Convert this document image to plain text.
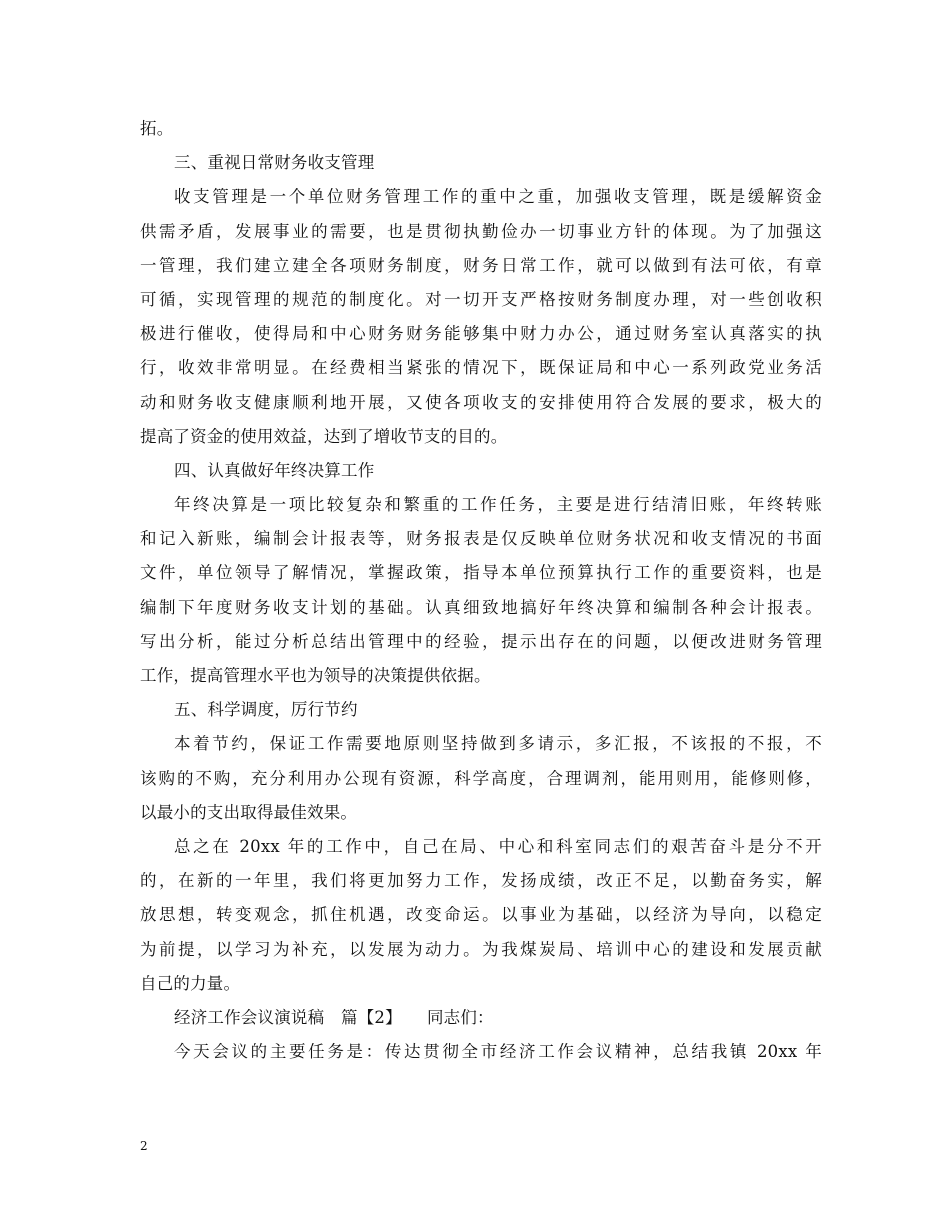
拓。
三、重视日常财务收支管理
收支管理是一个单位财务管理工作的重中之重，加强收支管理，既是缓解资金
供需矛盾，发展事业的需要，也是贯彻执勤俭办一切事业方针的体现。为了加强这
一管理，我们建立建全各项财务制度，财务日常工作，就可以做到有法可依，有章
可循，实现管理的规范的制度化。对一切开支严格按财务制度办理，对一些创收积
极进行催收，使得局和中心财务财务能够集中财力办公，通过财务室认真落实的执
行，收效非常明显。在经费相当紧张的情况下，既保证局和中心一系列政党业务活
动和财务收支健康顺利地开展，又使各项收支的安排使用符合发展的要求，极大的
提高了资金的使用效益，达到了增收节支的目的。
四、认真做好年终决算工作
年终决算是一项比较复杂和繁重的工作任务，主要是进行结清旧账，年终转账
和记入新账，编制会计报表等，财务报表是仅反映单位财务状况和收支情况的书面
文件，单位领导了解情况，掌握政策，指导本单位预算执行工作的重要资料，也是
编制下年度财务收支计划的基础。认真细致地搞好年终决算和编制各种会计报表。
写出分析，能过分析总结出管理中的经验，提示出存在的问题，以便改进财务管理
工作，提高管理水平也为领导的决策提供依据。
五、科学调度，厉行节约
本着节约，保证工作需要地原则坚持做到多请示，多汇报，不该报的不报，不
该购的不购，充分利用办公现有资源，科学高度，合理调剂，能用则用，能修则修，
以最小的支出取得最佳效果。
总之在 20xx 年的工作中，自己在局、中心和科室同志们的艰苦奋斗是分不开
的，在新的一年里，我们将更加努力工作，发扬成绩，改正不足，以勤奋务实，解
放思想，转变观念，抓住机遇，改变命运。以事业为基础，以经济为导向，以稳定
为前提，以学习为补充，以发展为动力。为我煤炭局、培训中心的建设和发展贡献
自己的力量。
经济工作会议演说稿　篇【2】　　同志们：
今天会议的主要任务是：传达贯彻全市经济工作会议精神，总结我镇 20xx 年
2
